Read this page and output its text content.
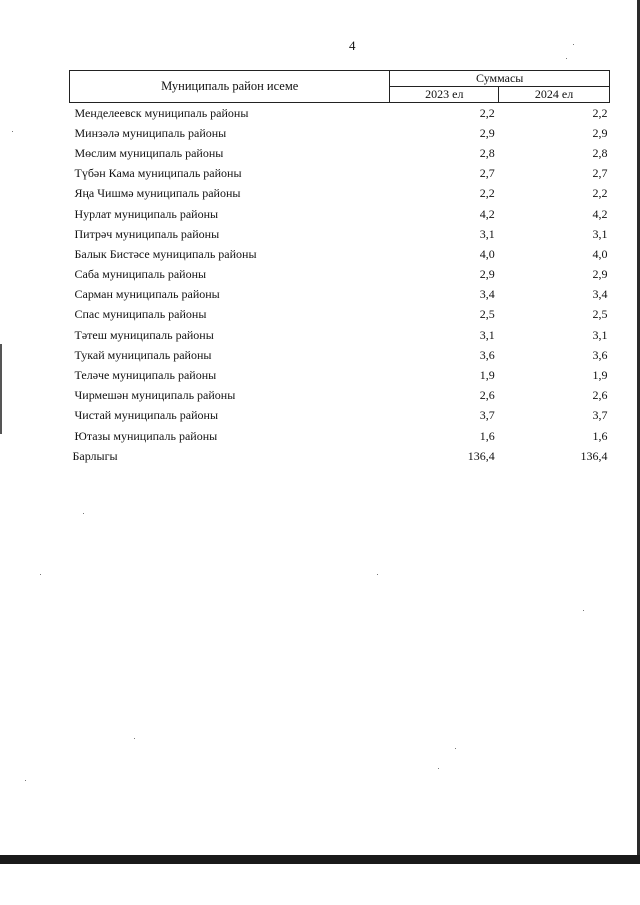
4
Муниципаль район исеме	Суммасы	
	2023 ел	2024 ел
Менделеевск муниципаль районы	2,2	2,2
Минзәлә муниципаль районы	2,9	2,9
Мөслим муниципаль районы	2,8	2,8
Түбән Кама муниципаль районы	2,7	2,7
Яңа Чишмә муниципаль районы	2,2	2,2
Нурлат муниципаль районы	4,2	4,2
Питрәч муниципаль районы	3,1	3,1
Балык Бистәсе муниципаль районы	4,0	4,0
Саба муниципаль районы	2,9	2,9
Сарман муниципаль районы	3,4	3,4
Спас муниципаль районы	2,5	2,5
Тәтеш муниципаль районы	3,1	3,1
Тукай муниципаль районы	3,6	3,6
Теләче муниципаль районы	1,9	1,9
Чирмешән муниципаль районы	2,6	2,6
Чистай муниципаль районы	3,7	3,7
Ютазы муниципаль районы	1,6	1,6
Барлыгы	136,4	136,4
